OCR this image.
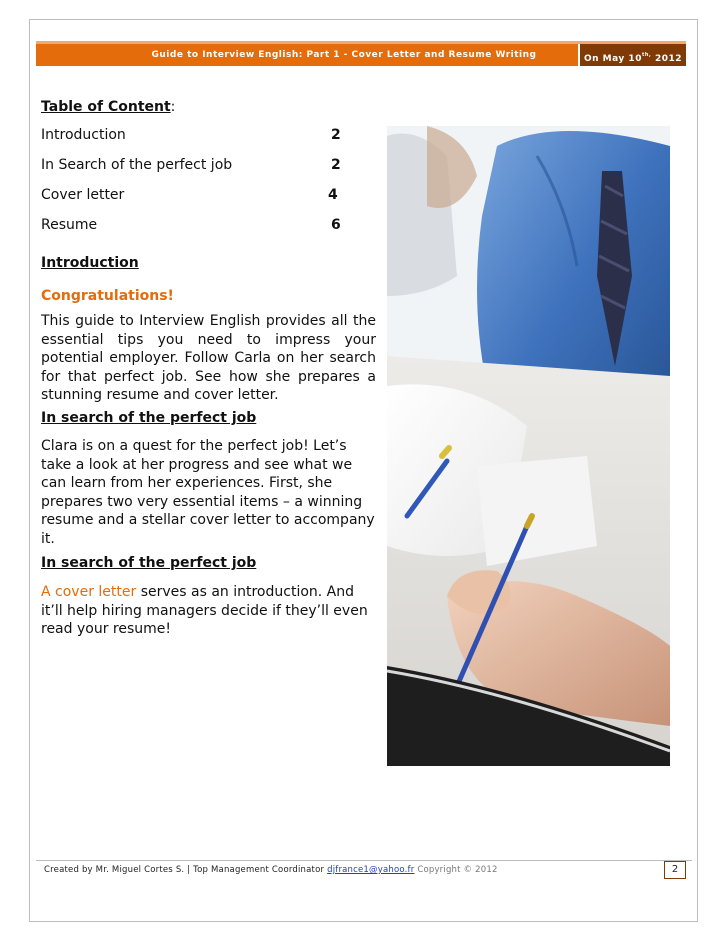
Guide to Interview English: Part 1 - Cover Letter and Resume Writing	On May $10^{th,}$ 2012
Table of Content:
Introduction	2
In Search of the perfect job	2
Cover letter	4
Resume	6
Introduction
Congratulations!
This guide to Interview English provides all the essential tips you need to impress your potential employer. Follow Carla on her search for that perfect job. See how she prepares a stunning resume and cover letter.
In search of the perfect job
Clara is on a quest for the perfect job! Let’s take a look at her progress and see what we can learn from her experiences. First, she prepares two very essential items – a winning resume and a stellar cover letter to accompany it.
In search of the perfect job
A cover letter serves as an introduction. And it’ll help hiring managers decide if they’ll even read your resume!
Created by Mr. Miguel Cortes S. | Top Management Coordinator djfrance1@yahoo.fr Copyright © 2012	2
